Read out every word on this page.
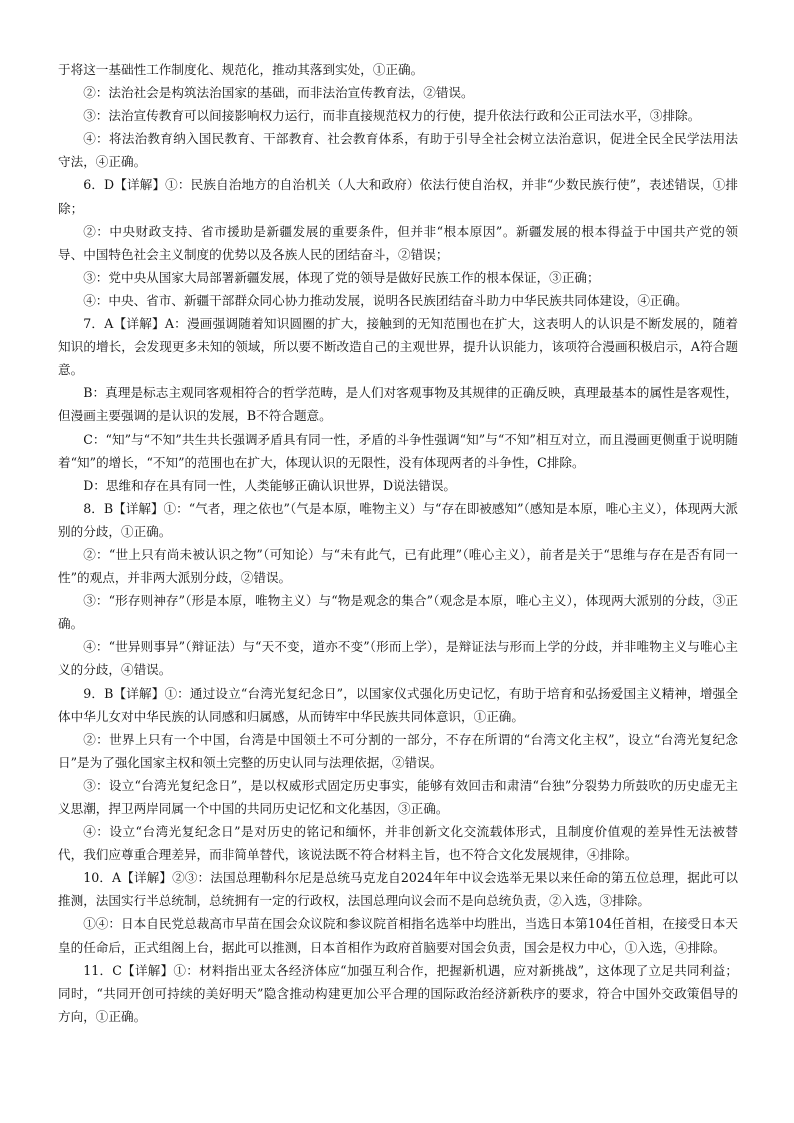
于将这一基础性工作制度化、规范化，推动其落到实处，①正确。

②：法治社会是构筑法治国家的基础，而非法治宣传教育法，②错误。

③：法治宣传教育可以间接影响权力运行，而非直接规范权力的行使，提升依法行政和公正司法水平，③排除。

④：将法治教育纳入国民教育、干部教育、社会教育体系，有助于引导全社会树立法治意识，促进全民全民学法用法守法，④正确。

6．D【详解】①：民族自治地方的自治机关（人大和政府）依法行使自治权，并非“少数民族行使”，表述错误，①排除；

②：中央财政支持、省市援助是新疆发展的重要条件，但并非“根本原因”。新疆发展的根本得益于中国共产党的领导、中国特色社会主义制度的优势以及各族人民的团结奋斗，②错误；

③：党中央从国家大局部署新疆发展，体现了党的领导是做好民族工作的根本保证，③正确；

④：中央、省市、新疆干部群众同心协力推动发展，说明各民族团结奋斗助力中华民族共同体建设，④正确。

7．A【详解】A：漫画强调随着知识圆圈的扩大，接触到的无知范围也在扩大，这表明人的认识是不断发展的，随着知识的增长，会发现更多未知的领域，所以要不断改造自己的主观世界，提升认识能力，该项符合漫画积极启示，A符合题意。

B：真理是标志主观同客观相符合的哲学范畴，是人们对客观事物及其规律的正确反映，真理最基本的属性是客观性，但漫画主要强调的是认识的发展，B不符合题意。

C：“知”与“不知”共生共长强调矛盾具有同一性，矛盾的斗争性强调“知”与“不知”相互对立，而且漫画更侧重于说明随着“知”的增长，“不知”的范围也在扩大，体现认识的无限性，没有体现两者的斗争性，C排除。

D：思维和存在具有同一性，人类能够正确认识世界，D说法错误。

8．B【详解】①：“气者，理之依也”（气是本原，唯物主义）与“存在即被感知”（感知是本原，唯心主义），体现两大派别的分歧，①正确。

②：“世上只有尚未被认识之物”（可知论）与“未有此气，已有此理”（唯心主义），前者是关于“思维与存在是否有同一性”的观点，并非两大派别分歧，②错误。

③：“形存则神存”（形是本原，唯物主义）与“物是观念的集合”（观念是本原，唯心主义），体现两大派别的分歧，③正确。

④：“世异则事异”（辩证法）与“天不变，道亦不变”（形而上学），是辩证法与形而上学的分歧，并非唯物主义与唯心主义的分歧，④错误。

9．B【详解】①：通过设立“台湾光复纪念日”，以国家仪式强化历史记忆，有助于培育和弘扬爱国主义精神，增强全体中华儿女对中华民族的认同感和归属感，从而铸牢中华民族共同体意识，①正确。

②：世界上只有一个中国，台湾是中国领土不可分割的一部分，不存在所谓的“台湾文化主权”，设立“台湾光复纪念日”是为了强化国家主权和领土完整的历史认同与法理依据，②错误。

③：设立“台湾光复纪念日”，是以权威形式固定历史事实，能够有效回击和肃清“台独”分裂势力所鼓吹的历史虚无主义思潮，捍卫两岸同属一个中国的共同历史记忆和文化基因，③正确。

④：设立“台湾光复纪念日”是对历史的铭记和缅怀，并非创新文化交流载体形式，且制度价值观的差异性无法被替代，我们应尊重合理差异，而非简单替代，该说法既不符合材料主旨，也不符合文化发展规律，④排除。

10．A【详解】②③：法国总理勒科尔尼是总统马克龙自2024年年中议会选举无果以来任命的第五位总理，据此可以推测，法国实行半总统制，总统拥有一定的行政权，法国总理向议会而不是向总统负责，②入选，③排除。

①④：日本自民党总裁高市早苗在国会众议院和参议院首相指名选举中均胜出，当选日本第104任首相，在接受日本天皇的任命后，正式组阁上台，据此可以推测，日本首相作为政府首脑要对国会负责，国会是权力中心，①入选，④排除。

11．C【详解】①：材料指出亚太各经济体应“加强互利合作，把握新机遇，应对新挑战”，这体现了立足共同利益；同时，“共同开创可持续的美好明天”隐含推动构建更加公平合理的国际政治经济新秩序的要求，符合中国外交政策倡导的方向，①正确。
